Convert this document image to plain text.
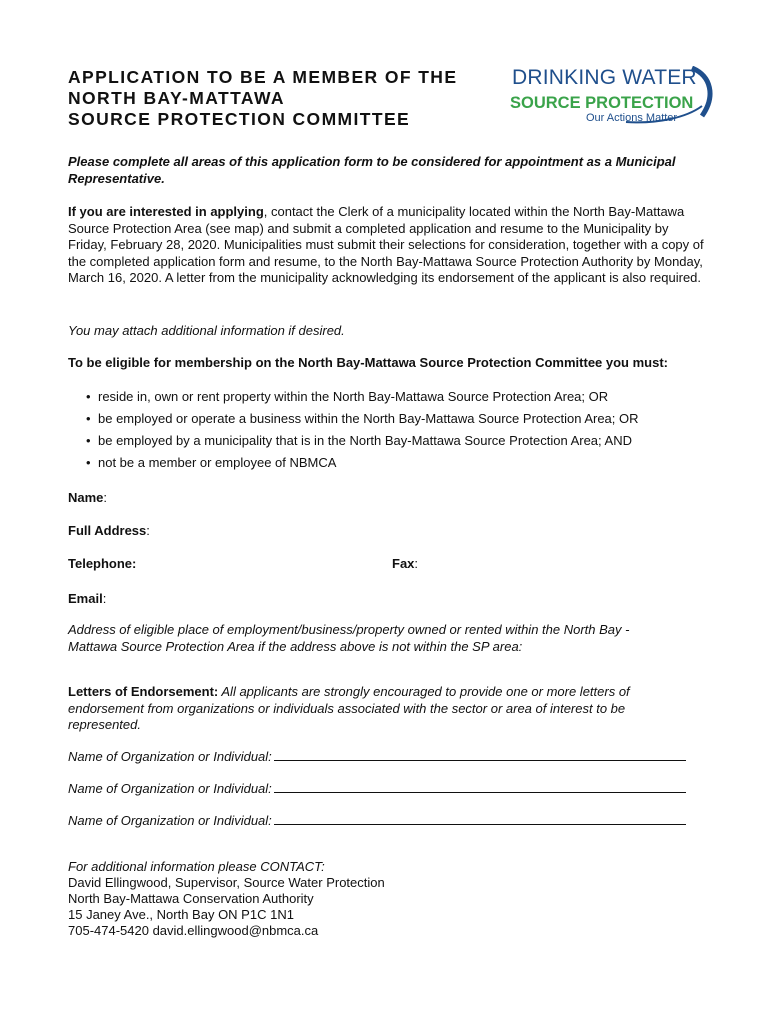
APPLICATION TO BE A MEMBER OF THE
NORTH BAY-MATTAWA
SOURCE PROTECTION COMMITTEE
DRINKING WATER
SOURCE PROTECTION
Our Actions Matter
Please complete all areas of this application form to be considered for appointment as a Municipal Representative.
If you are interested in applying, contact the Clerk of a municipality located within the North Bay-Mattawa Source Protection Area (see map) and submit a completed application and resume to the Municipality by Friday, February 28, 2020. Municipalities must submit their selections for consideration, together with a copy of the completed application form and resume, to the North Bay-Mattawa Source Protection Authority by Monday, March 16, 2020. A letter from the municipality acknowledging its endorsement of the applicant is also required.
You may attach additional information if desired.
To be eligible for membership on the North Bay-Mattawa Source Protection Committee you must:
• reside in, own or rent property within the North Bay-Mattawa Source Protection Area; OR
• be employed or operate a business within the North Bay-Mattawa Source Protection Area; OR
• be employed by a municipality that is in the North Bay-Mattawa Source Protection Area; AND
• not be a member or employee of NBMCA
Name:
Full Address:
Telephone:	Fax:
Email:
Address of eligible place of employment/business/property owned or rented within the North Bay - Mattawa Source Protection Area if the address above is not within the SP area:
Letters of Endorsement: All applicants are strongly encouraged to provide one or more letters of endorsement from organizations or individuals associated with the sector or area of interest to be represented.
Name of Organization or Individual:
Name of Organization or Individual:
Name of Organization or Individual:
For additional information please CONTACT:
David Ellingwood, Supervisor, Source Water Protection
North Bay-Mattawa Conservation Authority
15 Janey Ave., North Bay ON P1C 1N1
705-474-5420 david.ellingwood@nbmca.ca
